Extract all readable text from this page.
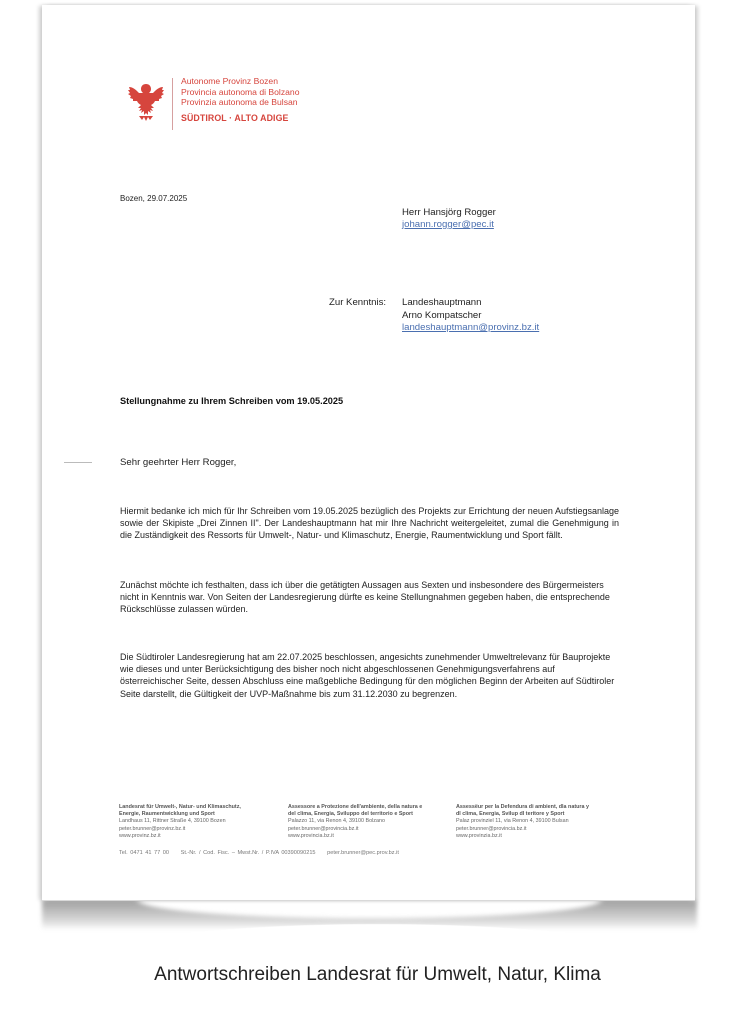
Autonome Provinz Bozen
Provincia autonoma di Bolzano
Provinzia autonoma de Bulsan
SÜDTIROL · ALTO ADIGE
Bozen, 29.07.2025
Herr Hansjörg Rogger
johann.rogger@pec.it
Zur Kenntnis: Landeshauptmann
Arno Kompatscher
landeshauptmann@provinz.bz.it
Stellungnahme zu Ihrem Schreiben vom 19.05.2025
Sehr geehrter Herr Rogger,
Hiermit bedanke ich mich für Ihr Schreiben vom 19.05.2025 bezüglich des Projekts zur Errichtung der neuen Aufstiegsanlage sowie der Skipiste „Drei Zinnen II". Der Landeshauptmann hat mir Ihre Nachricht weitergeleitet, zumal die Genehmigung in die Zuständigkeit des Ressorts für Umwelt-, Natur- und Klimaschutz, Energie, Raumentwicklung und Sport fällt.
Zunächst möchte ich festhalten, dass ich über die getätigten Aussagen aus Sexten und insbesondere des Bürgermeisters nicht in Kenntnis war. Von Seiten der Landesregierung dürfte es keine Stellungnahmen gegeben haben, die entsprechende Rückschlüsse zulassen würden.
Die Südtiroler Landesregierung hat am 22.07.2025 beschlossen, angesichts zunehmender Umweltrelevanz für Bauprojekte wie dieses und unter Berücksichtigung des bisher noch nicht abgeschlossenen Genehmigungsverfahrens auf österreichischer Seite, dessen Abschluss eine maßgebliche Bedingung für den möglichen Beginn der Arbeiten auf Südtiroler Seite darstellt, die Gültigkeit der UVP-Maßnahme bis zum 31.12.2030 zu begrenzen.
Landesrat für Umwelt-, Natur- und Klimaschutz,
Energie, Raumentwicklung und Sport
Landhaus 11, Rittner Straße 4, 39100 Bozen
peter.brunner@provinz.bz.it
www.provinz.bz.it
Assessore a Protezione dell'ambiente, della natura e
del clima, Energia, Sviluppo del territorio e Sport
Palazzo 11, via Renon 4, 39100 Bolzano
peter.brunner@provincia.bz.it
www.provincia.bz.it
Assessëur per la Defendura di ambient, dla natura y
dl clima, Energia, Svilup dl teritore y Sport
Palaz provinziel 11, via Renon 4, 39100 Bulsan
peter.brunner@provincia.bz.it
www.provinzia.bz.it
Tel. 0471 41 77 00 St.-Nr. / Cod. Fisc. – Mwst.Nr. / P.IVA 00390090215 peter.brunner@pec.prov.bz.it
Antwortschreiben Landesrat für Umwelt, Natur, Klima
